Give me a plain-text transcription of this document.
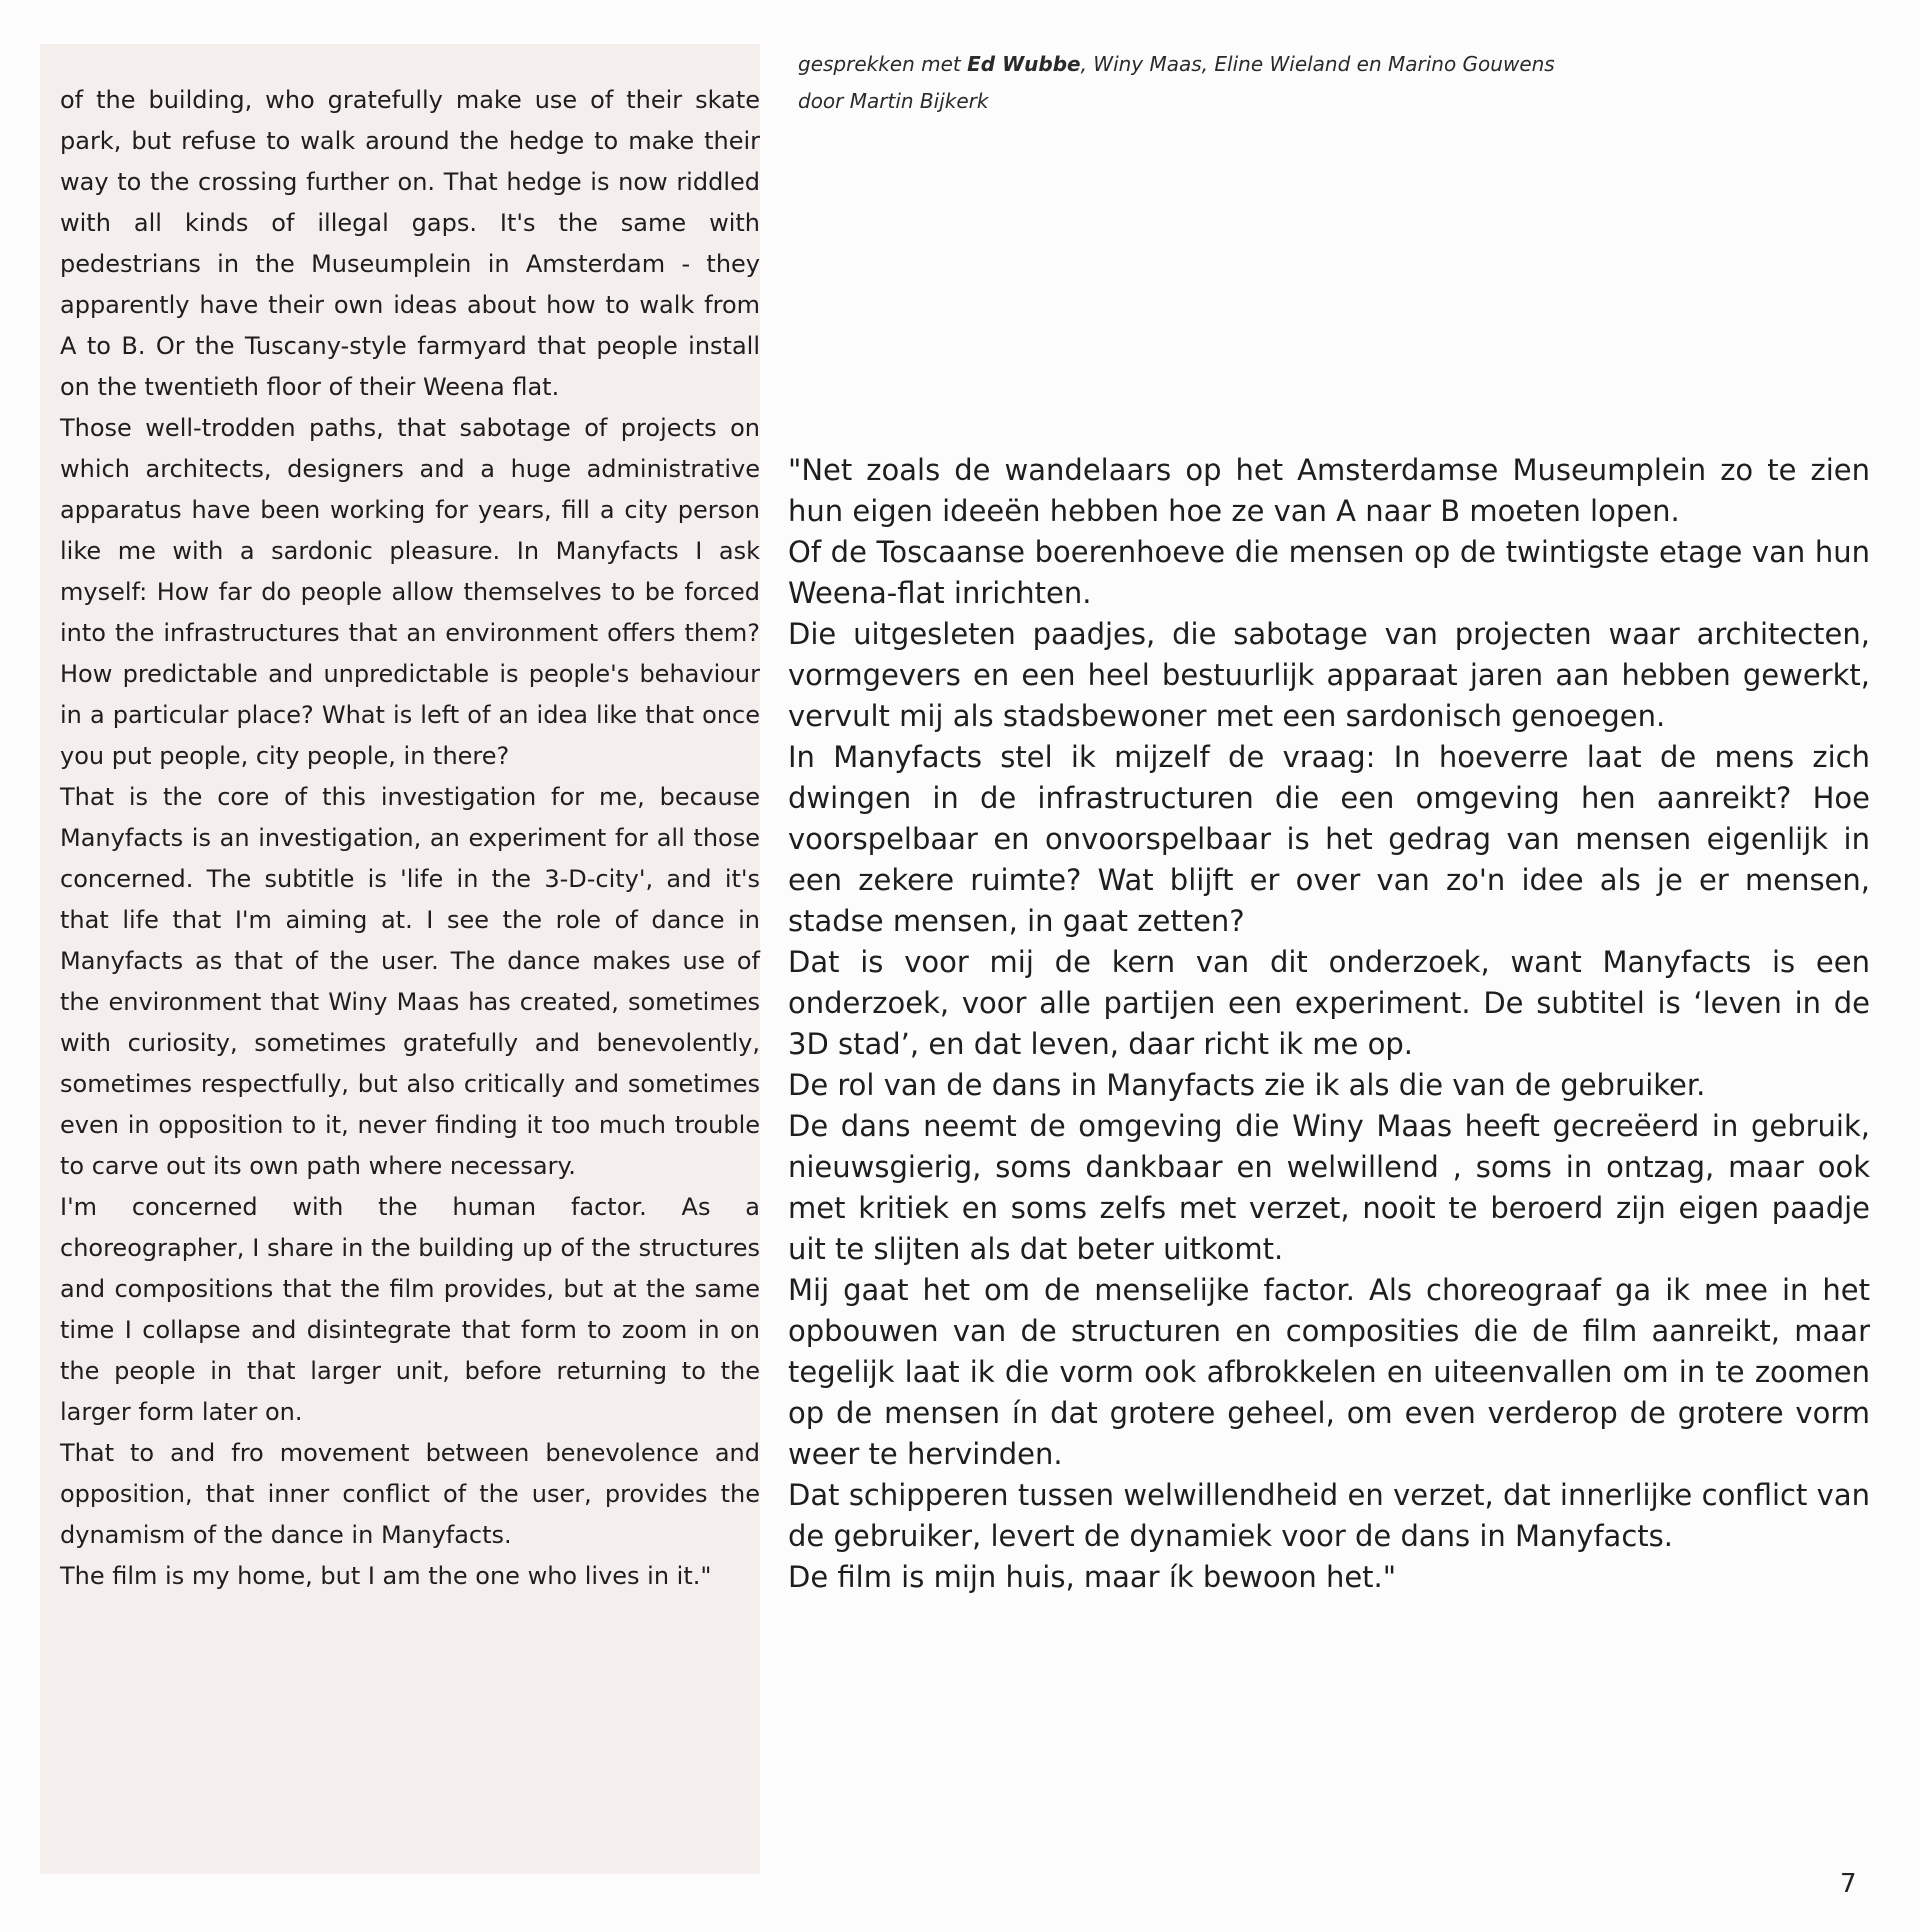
of the building, who gratefully make use of their skate park, but refuse to walk around the hedge to make their way to the crossing further on. That hedge is now riddled with all kinds of illegal gaps. It's the same with pedestrians in the Museumplein in Amsterdam - they apparently have their own ideas about how to walk from A to B. Or the Tuscany-style farmyard that people install on the twentieth floor of their Weena flat.

Those well-trodden paths, that sabotage of projects on which architects, designers and a huge administrative apparatus have been working for years, fill a city person like me with a sardonic pleasure. In Manyfacts I ask myself: How far do people allow themselves to be forced into the infrastructures that an environment offers them? How predictable and unpredictable is people's behaviour in a particular place? What is left of an idea like that once you put people, city people, in there?

That is the core of this investigation for me, because Manyfacts is an investigation, an experiment for all those concerned. The subtitle is 'life in the 3-D-city', and it's that life that I'm aiming at. I see the role of dance in Manyfacts as that of the user. The dance makes use of the environment that Winy Maas has created, sometimes with curiosity, sometimes gratefully and benevolently, sometimes respectfully, but also critically and sometimes even in opposition to it, never finding it too much trouble to carve out its own path where necessary.

I'm concerned with the human factor. As a choreographer, I share in the building up of the structures and compositions that the film provides, but at the same time I collapse and disintegrate that form to zoom in on the people in that larger unit, before returning to the larger form later on.

That to and fro movement between benevolence and opposition, that inner conflict of the user, provides the dynamism of the dance in Manyfacts.

The film is my home, but I am the one who lives in it."

gesprekken met Ed Wubbe, Winy Maas, Eline Wieland en Marino Gouwens
door Martin Bijkerk

"Net zoals de wandelaars op het Amsterdamse Museumplein zo te zien hun eigen ideeën hebben hoe ze van A naar B moeten lopen.

Of de Toscaanse boerenhoeve die mensen op de twintigste etage van hun Weena-flat inrichten.

Die uitgesleten paadjes, die sabotage van projecten waar architecten, vormgevers en een heel bestuurlijk apparaat jaren aan hebben gewerkt, vervult mij als stadsbewoner met een sardonisch genoegen.

In Manyfacts stel ik mijzelf de vraag: In hoeverre laat de mens zich dwingen in de infrastructuren die een omgeving hen aanreikt? Hoe voorspelbaar en onvoorspelbaar is het gedrag van mensen eigenlijk in een zekere ruimte? Wat blijft er over van zo'n idee als je er mensen, stadse mensen, in gaat zetten?

Dat is voor mij de kern van dit onderzoek, want Manyfacts is een onderzoek, voor alle partijen een experiment. De subtitel is ‘leven in de 3D stad’, en dat leven, daar richt ik me op.

De rol van de dans in Manyfacts zie ik als die van de gebruiker.

De dans neemt de omgeving die Winy Maas heeft gecreëerd in gebruik, nieuwsgierig, soms dankbaar en welwillend , soms in ontzag, maar ook met kritiek en soms zelfs met verzet, nooit te beroerd zijn eigen paadje uit te slijten als dat beter uitkomt.

Mij gaat het om de menselijke factor. Als choreograaf ga ik mee in het opbouwen van de structuren en composities die de film aanreikt, maar tegelijk laat ik die vorm ook afbrokkelen en uiteenvallen om in te zoomen op de mensen ín dat grotere geheel, om even verderop de grotere vorm weer te hervinden.

Dat schipperen tussen welwillendheid en verzet, dat innerlijke conflict van de gebruiker, levert de dynamiek voor de dans in Manyfacts.

De film is mijn huis, maar ík bewoon het."

7
